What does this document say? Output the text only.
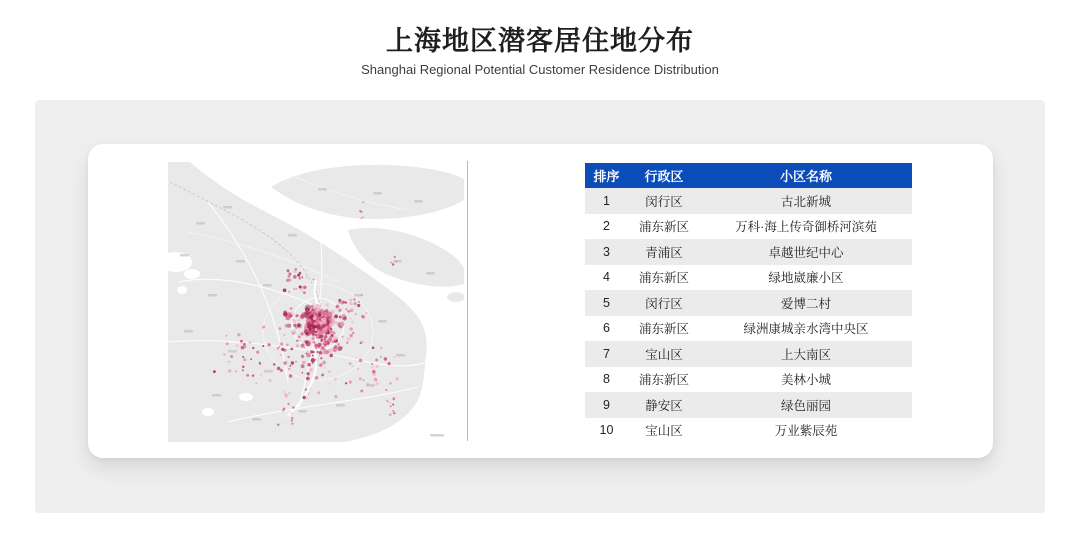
上海地区潜客居住地分布
Shanghai Regional Potential Customer Residence Distribution
排序	行政区	小区名称
1	闵行区	古北新城
2	浦东新区	万科·海上传奇御桥河滨苑
3	青浦区	卓越世纪中心
4	浦东新区	绿地崴廉小区
5	闵行区	爱博二村
6	浦东新区	绿洲康城亲水湾中央区
7	宝山区	上大南区
8	浦东新区	美林小城
9	静安区	绿色丽园
10	宝山区	万业紫辰苑
